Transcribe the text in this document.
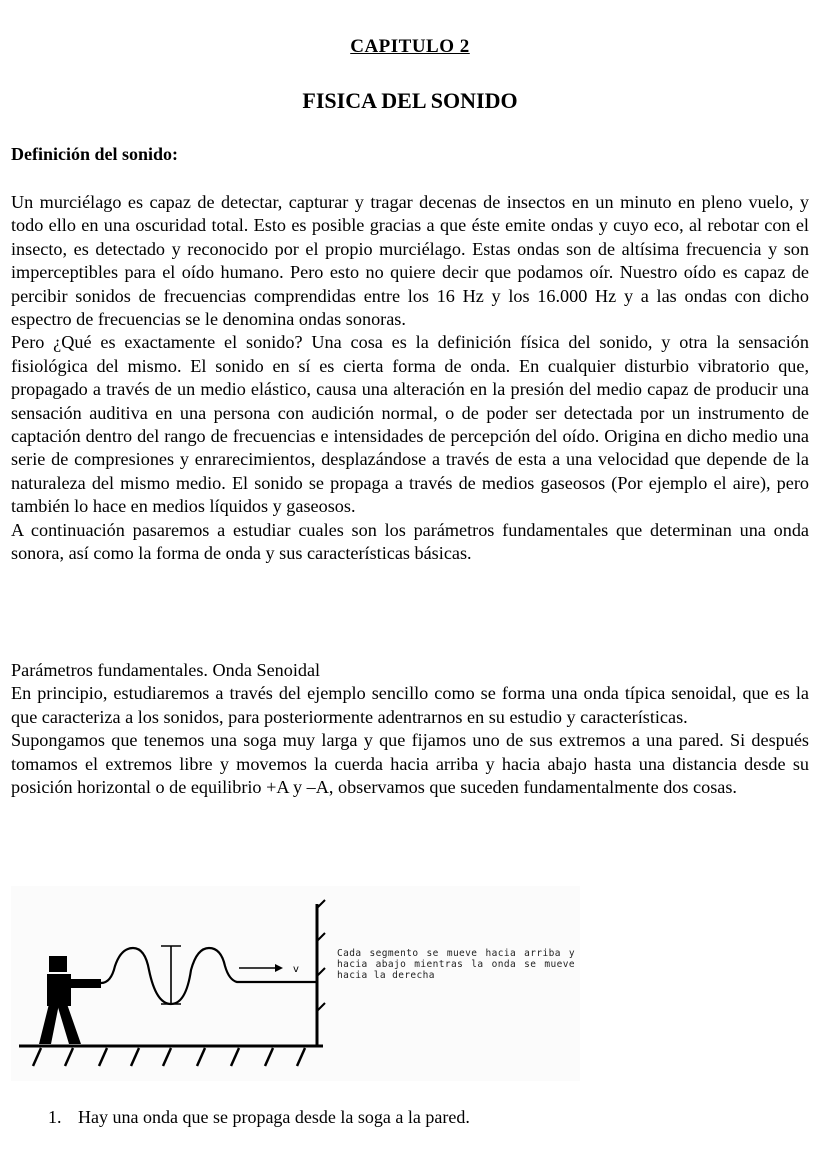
CAPITULO 2
FISICA DEL SONIDO
Definición del sonido:
Un murciélago es capaz de detectar, capturar y tragar decenas de insectos en un minuto en pleno vuelo, y todo ello en una oscuridad total. Esto es posible gracias a que éste emite ondas y cuyo eco, al rebotar con el insecto, es detectado y reconocido por el propio murciélago. Estas ondas son de altísima frecuencia y son imperceptibles para el oído humano. Pero esto no quiere decir que podamos oír. Nuestro oído es capaz de percibir sonidos de frecuencias comprendidas entre los 16 Hz y los 16.000 Hz y a las ondas con dicho espectro de frecuencias se le denomina ondas sonoras.
Pero ¿Qué es exactamente el sonido? Una cosa es la definición física del sonido, y otra la sensación fisiológica del mismo. El sonido en sí es cierta forma de onda. En cualquier disturbio vibratorio que, propagado a través de un medio elástico, causa una alteración en la presión del medio capaz de producir una sensación auditiva en una persona con audición normal, o de poder ser detectada por un instrumento de captación dentro del rango de frecuencias e intensidades de percepción del oído. Origina en dicho medio una serie de compresiones y enrarecimientos, desplazándose a través de esta a una velocidad que depende de la naturaleza del mismo medio. El sonido se propaga a través de medios gaseosos (Por ejemplo el aire), pero también lo hace en medios líquidos y gaseosos.
A continuación pasaremos a estudiar cuales son los parámetros fundamentales que determinan una onda sonora, así como la forma de onda y sus características básicas.
Parámetros fundamentales. Onda Senoidal
En principio, estudiaremos a través del ejemplo sencillo como se forma una onda típica senoidal, que es la que caracteriza a los sonidos, para posteriormente adentrarnos en su estudio y características.
Supongamos que tenemos una soga muy larga y que fijamos uno de sus extremos a una pared. Si después tomamos el extremos libre y movemos la cuerda hacia arriba y hacia abajo hasta una distancia desde su posición horizontal o de equilibrio +A y –A, observamos que suceden fundamentalmente dos cosas.
v
Cada segmento se mueve hacia arriba y hacia abajo mientras la onda se mueve hacia la derecha
1. Hay una onda que se propaga desde la soga a la pared.
